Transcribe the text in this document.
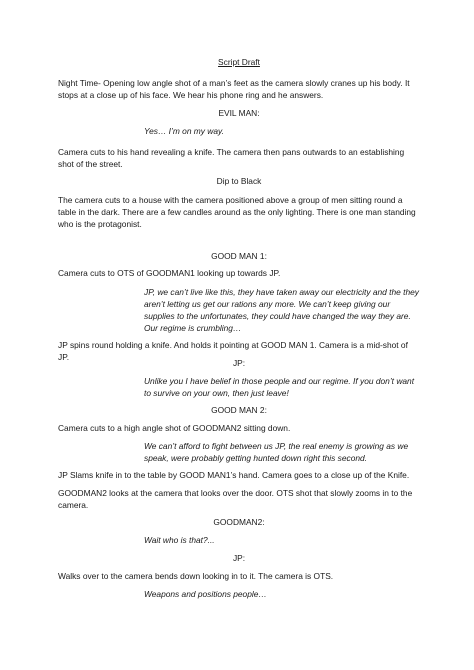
Script Draft

Night Time- Opening low angle shot of a man’s feet as the camera slowly cranes up his body. It stops at a close up of his face. We hear his phone ring and he answers.

EVIL MAN:

Yes… I’m on my way.

Camera cuts to his hand revealing a knife. The camera then pans outwards to an establishing shot of the street.

Dip to Black

The camera cuts to a house with the camera positioned above a group of men sitting round a table in the dark. There are a few candles around as the only lighting. There is one man standing who is the protagonist.

GOOD MAN 1:

Camera cuts to OTS of GOODMAN1 looking up towards JP.

JP, we can’t live like this, they have taken away our electricity and the they aren’t letting us get our rations any more. We can’t keep giving our supplies to the unfortunates, they could have changed the way they are. Our regime is crumbling…

JP spins round holding a knife. And holds it pointing at GOOD MAN 1. Camera is a mid-shot of JP.

JP:

Unlike you I have belief in those people and our regime. If you don’t want to survive on your own, then just leave!

GOOD MAN 2:

Camera cuts to a high angle shot of GOODMAN2 sitting down.

We can’t afford to fight between us JP, the real enemy is growing as we speak, were probably getting hunted down right this second.

JP Slams knife in to the table by GOOD MAN1’s hand. Camera goes to a close up of the Knife.

GOODMAN2 looks at the camera that looks over the door. OTS shot that slowly zooms in to the camera.

GOODMAN2:

Wait who is that?...

JP:

Walks over to the camera bends down looking in to it. The camera is OTS.

Weapons and positions people…
